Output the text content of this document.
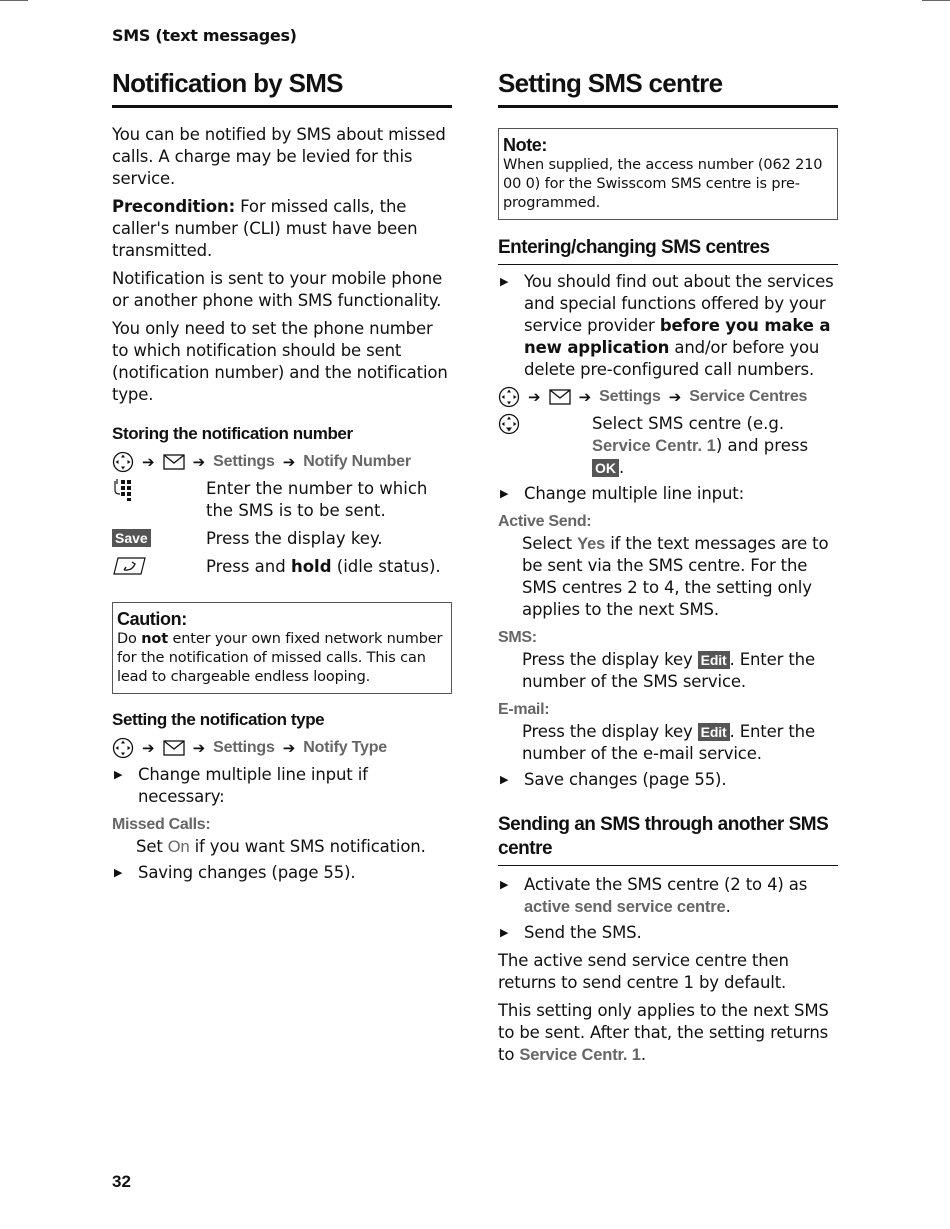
SMS (text messages)
Notification by SMS

You can be notified by SMS about missed calls. A charge may be levied for this service.

Precondition: For missed calls, the caller's number (CLI) must have been transmitted.

Notification is sent to your mobile phone or another phone with SMS functionality.

You only need to set the phone number to which notification should be sent (notification number) and the notification type.

Storing the notification number
➔	➔ Settings ➔ Notify Number
Enter the number to which the SMS is to be sent.
Save	Press the display key.
Press and hold (idle status).
Caution:

Do not enter your own fixed network number for the notification of missed calls. This can lead to chargeable endless looping.

Setting the notification type
➔	➔ Settings ➔ Notify Type
▶ Change multiple line input if necessary:

Missed Calls:

Set On if you want SMS notification.

▶ Saving changes (page 55).

Setting SMS centre
Note:

When supplied, the access number (062 210 00 0) for the Swisscom SMS centre is pre-programmed.

Entering/changing SMS centres
▶ You should find out about the services and special functions offered by your service provider before you make a new application and/or before you delete pre-configured call numbers.

➔	➔ Settings ➔ Service Centres
Select SMS centre (e.g. Service Centr. 1) and press OK .
▶ Change multiple line input:

Active Send:

Select Yes if the text messages are to be sent via the SMS centre. For the SMS centres 2 to 4, the setting only applies to the next SMS.

SMS:

Press the display key Edit . Enter the number of the SMS service.

E-mail:

Press the display key Edit . Enter the number of the e-mail service.

▶ Save changes (page 55).

Sending an SMS through another SMS centre
▶ Activate the SMS centre (2 to 4) as active send service centre.

▶ Send the SMS.

The active send service centre then returns to send centre 1 by default.

This setting only applies to the next SMS to be sent. After that, the setting returns to Service Centr. 1.

32
